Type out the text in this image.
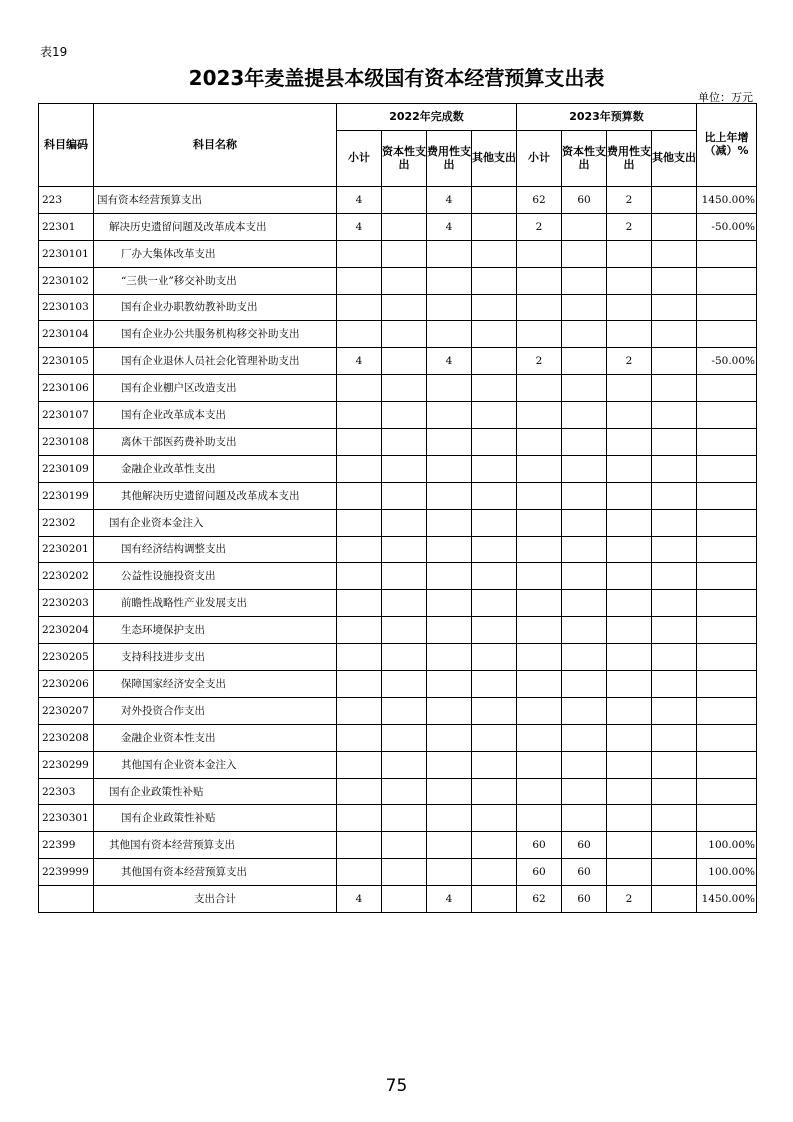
表19
2023年麦盖提县本级国有资本经营预算支出表
单位：万元
科目编码	科目名称	2022年完成数				2023年预算数				比上年增（减）%
		小计	资本性支出	费用性支出	其他支出	小计	资本性支出	费用性支出	其他支出	
223	国有资本经营预算支出	4		4		62	60	2		1450.00%
22301	解决历史遗留问题及改革成本支出	4		4		2		2		-50.00%
2230101	厂办大集体改革支出									
2230102	“三供一业”移交补助支出									
2230103	国有企业办职教幼教补助支出									
2230104	国有企业办公共服务机构移交补助支出									
2230105	国有企业退休人员社会化管理补助支出	4		4		2		2		-50.00%
2230106	国有企业棚户区改造支出									
2230107	国有企业改革成本支出									
2230108	离休干部医药费补助支出									
2230109	金融企业改革性支出									
2230199	其他解决历史遗留问题及改革成本支出									
22302	国有企业资本金注入									
2230201	国有经济结构调整支出									
2230202	公益性设施投资支出									
2230203	前瞻性战略性产业发展支出									
2230204	生态环境保护支出									
2230205	支持科技进步支出									
2230206	保障国家经济安全支出									
2230207	对外投资合作支出									
2230208	金融企业资本性支出									
2230299	其他国有企业资本金注入									
22303	国有企业政策性补贴									
2230301	国有企业政策性补贴									
22399	其他国有资本经营预算支出					60	60			100.00%
2239999	其他国有资本经营预算支出					60	60			100.00%
	支出合计	4		4		62	60	2		1450.00%
75
